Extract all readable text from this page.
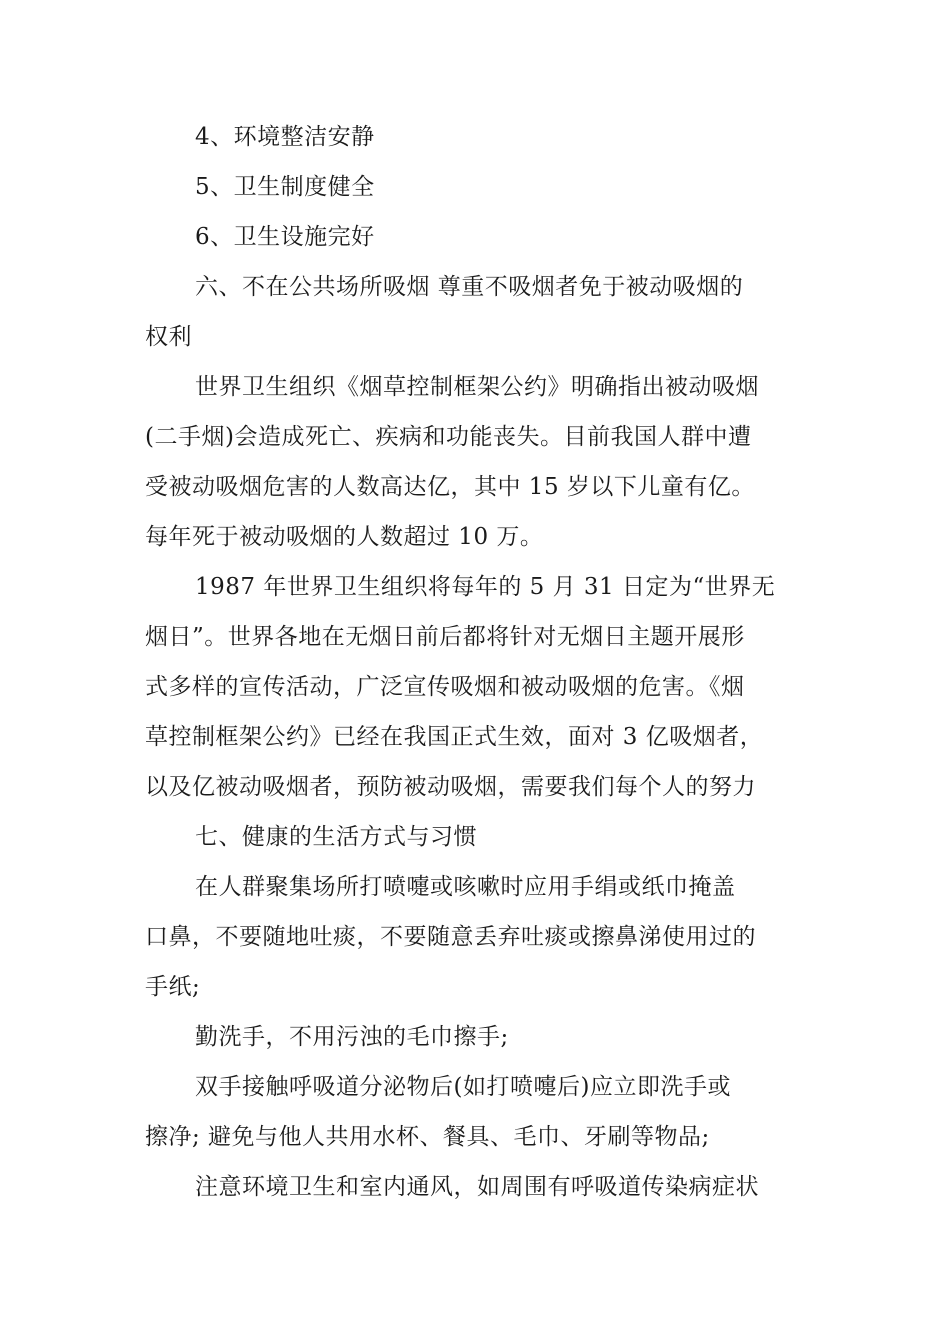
4、环境整洁安静
5、卫生制度健全
6、卫生设施完好
六、不在公共场所吸烟 尊重不吸烟者免于被动吸烟的
权利
世界卫生组织《烟草控制框架公约》明确指出被动吸烟
(二手烟)会造成死亡、疾病和功能丧失。目前我国人群中遭
受被动吸烟危害的人数高达亿，其中 15 岁以下儿童有亿。
每年死于被动吸烟的人数超过 10 万。
1987 年世界卫生组织将每年的 5 月 31 日定为“世界无
烟日”。世界各地在无烟日前后都将针对无烟日主题开展形
式多样的宣传活动，广泛宣传吸烟和被动吸烟的危害。《烟
草控制框架公约》已经在我国正式生效，面对 3 亿吸烟者，
以及亿被动吸烟者，预防被动吸烟，需要我们每个人的努力
七、健康的生活方式与习惯
在人群聚集场所打喷嚏或咳嗽时应用手绢或纸巾掩盖
口鼻，不要随地吐痰，不要随意丢弃吐痰或擦鼻涕使用过的
手纸;
勤洗手，不用污浊的毛巾擦手;
双手接触呼吸道分泌物后(如打喷嚏后)应立即洗手或
擦净; 避免与他人共用水杯、餐具、毛巾、牙刷等物品;
注意环境卫生和室内通风，如周围有呼吸道传染病症状
